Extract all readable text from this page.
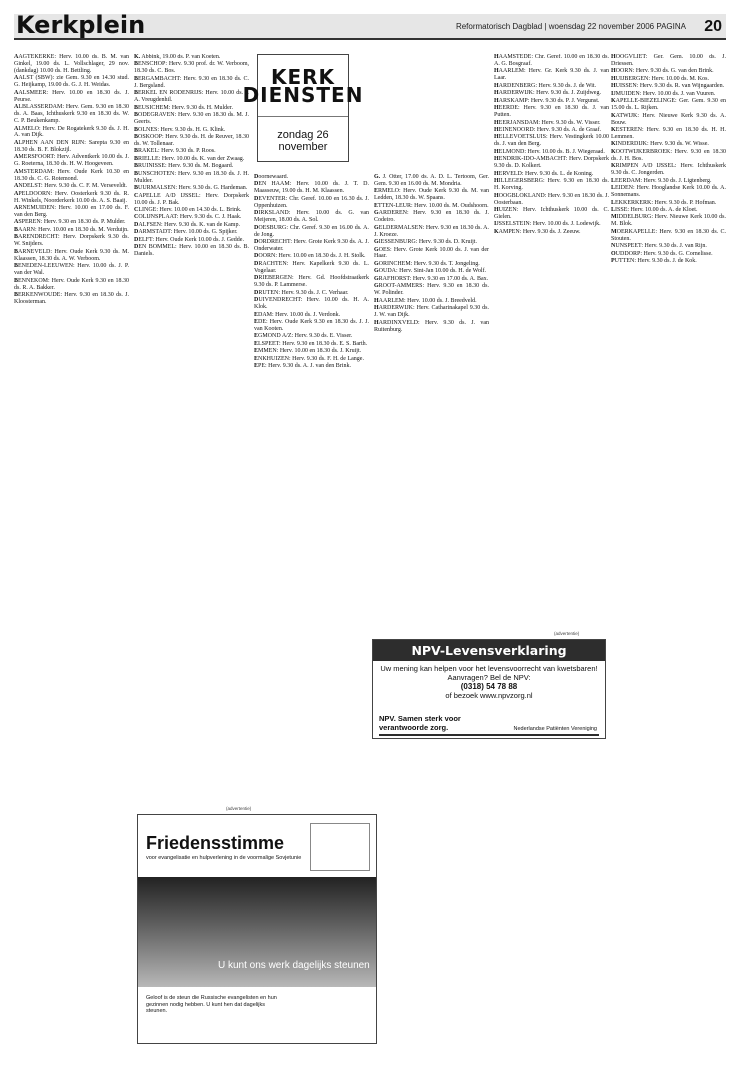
Kerkplein	Reformatorisch Dagblad | woensdag 22 november 2006 PAGINA 20

AAGTEKERKE: Herv. 10.00 ds. B. M. van Ginkel, 19.00 ds. L. Vollschlager, 29 nov. (dankdag) 10.00 ds. H. Bettling.

AALST (SBW): zie Gem. 9.30 en 14.30 stud. G. Heijkamp, 19.00 ds. G. J. H. Weidas.

AALSMEER: Herv. 10.00 en 18.30 ds. J. Peurse.

ALBLASSERDAM: Herv. Gem. 9.30 en 18.30 ds. A. Baas, Ichthuskerk 9.30 en 18.30 ds. W. C. P. Beukenkamp.

ALMELO: Herv. De Rogatekerk 9.30 ds. J. H. A. van Dijk.

ALPHEN AAN DEN RIJN: Sarepta 9.30 en 18.30 ds. B. F. Blokzijl.

AMERSFOORT: Herv. Adventkerk 10.00 ds. J. G. Roeterna, 18.30 ds. H. W. Hoogeveen.

AMSTERDAM: Herv. Oude Kerk 10.30 en 18.30 ds. C. G. Rotemond.

ANDELST: Herv. 9.30 ds. C. F. M. Verseveldt.

APELDOORN: Herv. Oosterkerk 9.30 ds. R. H. Winkels, Noorderkerk 10.00 ds. A. S. Baaij.

ARNEMUIDEN: Herv. 10.00 en 17.00 ds. F. van den Berg.

ASPEREN: Herv. 9.30 en 18.30 ds. P. Mulder.

BAARN: Herv. 10.00 en 18.30 ds. M. Verduijn.

BARENDRECHT: Herv. Dorpskerk 9.30 ds. W. Snijders.

BARNEVELD: Herv. Oude Kerk 9.30 ds. M. Klaassen, 18.30 ds. A. W. Verboom.

BENEDEN-LEEUWEN: Herv. 10.00 ds. J. P. van der Wal.

BENNEKOM: Herv. Oude Kerk 9.30 en 18.30 ds. R. A. Bakker.

BERKENWOUDE: Herv. 9.30 en 18.30 ds. J. Kloosterman.

K. Abbink, 19.00 ds. P. van Koeten.

BENSCHOP: Herv. 9.30 prof. dr. W. Verboom, 18.30 ds. C. Bos.

BERGAMBACHT: Herv. 9.30 en 18.30 ds. C. J. Bergsland.

BERKEL EN RODENRIJS: Herv. 10.00 ds. J. A. Vreugdenhil.

BEUSICHEM: Herv. 9.30 ds. H. Mulder.

BODEGRAVEN: Herv. 9.30 en 18.30 ds. M. J. Geerts.

BOLNES: Herv. 9.30 ds. H. G. Klink.

BOSKOOP: Herv. 9.30 ds. H. de Reuver, 18.30 ds. W. Tollenaar.

BRAKEL: Herv. 9.30 ds. P. Roos.

BRIELLE: Herv. 10.00 ds. K. van der Zwaag.

BRUINISSE: Herv. 9.30 ds. M. Bogaard.

BUNSCHOTEN: Herv. 9.30 en 18.30 ds. J. H. Mulder.

BUURMALSEN: Herv. 9.30 ds. G. Hardeman.

CAPELLE A/D IJSSEL: Herv. Dorpskerk 10.00 ds. J. P. Bak.

CLINGE: Herv. 10.00 en 14.30 ds. L. Brink.

COLIJNSPLAAT: Herv. 9.30 ds. C. J. Haak.

DALFSEN: Herv. 9.30 ds. K. van de Kamp.

DARMSTADT: Herv. 10.00 ds. G. Spijker.

DELFT: Herv. Oude Kerk 10.00 ds. J. Gedde.

DEN BOMMEL: Herv. 10.00 en 18.30 ds. B. Daniels.

Doornewaard.

DEN HAAM: Herv. 10.00 ds. J. T. D. Maasseuw, 19.00 ds. H. M. Klaassen.

DEVENTER: Chr. Geref. 10.00 en 16.30 ds. J. Oppenhuizen.

DIRKSLAND: Herv. 10.00 ds. G. van Meijeren, 18.00 ds. A. Sol.

DOESBURG: Chr. Geref. 9.30 en 16.00 ds. A. de Jong.

DORDRECHT: Herv. Grote Kerk 9.30 ds. A. J. Onderwater.

DOORN: Herv. 10.00 en 18.30 ds. J. H. Stolk.

DRACHTEN: Herv. Kapelkerk 9.30 ds. L. Vogelaar.

DRIEBERGEN: Herv. Gd. Hoofdstraatkerk 9.30 ds. P. Lammerse.

DRUTEN: Herv. 9.30 ds. J. C. Verhaar.

DUIVENDRECHT: Herv. 10.00 ds. H. A. Klok.

EDAM: Herv. 10.00 ds. J. Verdonk.

EDE: Herv. Oude Kerk 9.30 en 18.30 ds. J. J. van Kooten.

EGMOND A/Z: Herv. 9.30 ds. E. Visser.

ELSPEET: Herv. 9.30 en 18.30 ds. E. S. Barth.

EMMEN: Herv. 10.00 en 18.30 ds. J. Kruijt.

ENKHUIZEN: Herv. 9.30 ds. F. H. de Lange.

EPE: Herv. 9.30 ds. A. J. van den Brink.

G. J. Otter, 17.00 ds. A. D. L. Tertoom, Ger. Gem. 9.30 en 16.00 ds. M. Mondria.

ERMELO: Herv. Oude Kerk 9.30 ds. M. van Ledden, 18.30 ds. W. Spaans.

ETTEN-LEUR: Herv. 10.00 ds. M. Oudshoorn.

GARDEREN: Herv. 9.30 en 18.30 ds. J. Codeiro.

GELDERMALSEN: Herv. 9.30 en 18.30 ds. A. J. Kroeze.

GIESSENBURG: Herv. 9.30 ds. D. Kruijt.

GOES: Herv. Grote Kerk 10.00 ds. J. van der Haar.

GORINCHEM: Herv. 9.30 ds. T. Jongeling.

GOUDA: Herv. Sint-Jan 10.00 ds. H. de Wolf.

GRAFHORST: Herv. 9.30 en 17.00 ds. A. Bax.

GROOT-AMMERS: Herv. 9.30 en 18.30 ds. W. Polinder.

HAARLEM: Herv. 10.00 ds. J. Breedveld.

HARDERWIJK: Herv. Catharinakapel 9.30 ds. J. W. van Dijk.

HARDINXVELD: Herv. 9.30 ds. J. van Ruitenburg.

HAAMSTEDE: Chr. Geref. 10.00 en 18.30 ds. A. G. Bosgraaf.

HAARLEM: Herv. Gr. Kerk 9.30 ds. J. van Laar.

HARDENBERG: Herv. 9.30 ds. J. de Wit.

HARDERWIJK: Herv. 9.30 ds. J. Zuijdweg.

HARSKAMP: Herv. 9.30 ds. P. J. Vergunst.

HEERDE: Herv. 9.30 en 18.30 ds. J. van Putten.

HEERJANSDAM: Herv. 9.30 ds. W. Visser.

HEINENOORD: Herv. 9.30 ds. A. de Graaf.

HELLEVOETSLUIS: Herv. Vestingkerk 10.00 ds. J. van den Berg.

HELMOND: Herv. 10.00 ds. B. J. Wiegeraad.

HENDRIK-IDO-AMBACHT: Herv. Dorpskerk 9.30 ds. D. Kolkert.

HERVELD: Herv. 9.30 ds. L. de Koning.

HILLEGERSBERG: Herv. 9.30 en 18.30 ds. H. Korving.

HOOGBLOKLAND: Herv. 9.30 en 18.30 ds. J. Oosterbaan.

HUIZEN: Herv. Ichthuskerk 10.00 ds. C. Gielen.

IJSSELSTEIN: Herv. 10.00 ds. J. Lodewijk.

KAMPEN: Herv. 9.30 ds. J. Zeeuw.

HOOGVLIET: Ger. Gem. 10.00 ds. J. Driessen.

HOORN: Herv. 9.30 ds. G. van den Brink.

HUIJBERGEN: Herv. 10.00 ds. M. Kos.

HUISSEN: Herv. 9.30 ds. R. van Wijngaarden.

IJMUIDEN: Herv. 10.00 ds. J. van Vuuren.

KAPELLE-BIEZELINGE: Ger. Gem. 9.30 en 15.00 ds. L. Rijken.

KATWIJK: Herv. Nieuwe Kerk 9.30 ds. A. Bouw.

KESTEREN: Herv. 9.30 en 18.30 ds. H. H. Lemmen.

KINDERDIJK: Herv. 9.30 ds. W. Wisse.

KOOTWIJKERBROEK: Herv. 9.30 en 18.30 ds. J. H. Bos.

KRIMPEN A/D IJSSEL: Herv. Ichthuskerk 9.30 ds. C. Jongerden.

LEERDAM: Herv. 9.30 ds. J. Ligtenberg.

LEIDEN: Herv. Hooglandse Kerk 10.00 ds. A. Sonnemans.

LEKKERKERK: Herv. 9.30 ds. P. Hofman.

LISSE: Herv. 10.00 ds. A. de Kloet.

MIDDELBURG: Herv. Nieuwe Kerk 10.00 ds. M. Blok.

MOERKAPELLE: Herv. 9.30 en 18.30 ds. C. Stouten.

NUNSPEET: Herv. 9.30 ds. J. van Rijn.

OUDDORP: Herv. 9.30 ds. G. Cornelisse.

PUTTEN: Herv. 9.30 ds. J. de Kok.

KERK DIENSTEN
zondag 26 november
NPV-Levensverklaring
Uw mening kan helpen voor het levensvoorrecht van kwetsbaren!
Aanvragen? Bel de NPV:
(0318) 54 78 88
of bezoek www.npvzorg.nl
NPV. Samen sterk voor verantwoorde zorg.	Nederlandse Patiënten Vereniging
(advertentie)
Friedensstimme
voor evangelisatie en hulpverlening in de voormalige Sovjetunie
U kunt ons werk dagelijks steunen
Geloof is de steun die Russische evangelisten en hun gezinnen nodig hebben. U kunt hen dat dagelijks steunen.
(advertentie)
